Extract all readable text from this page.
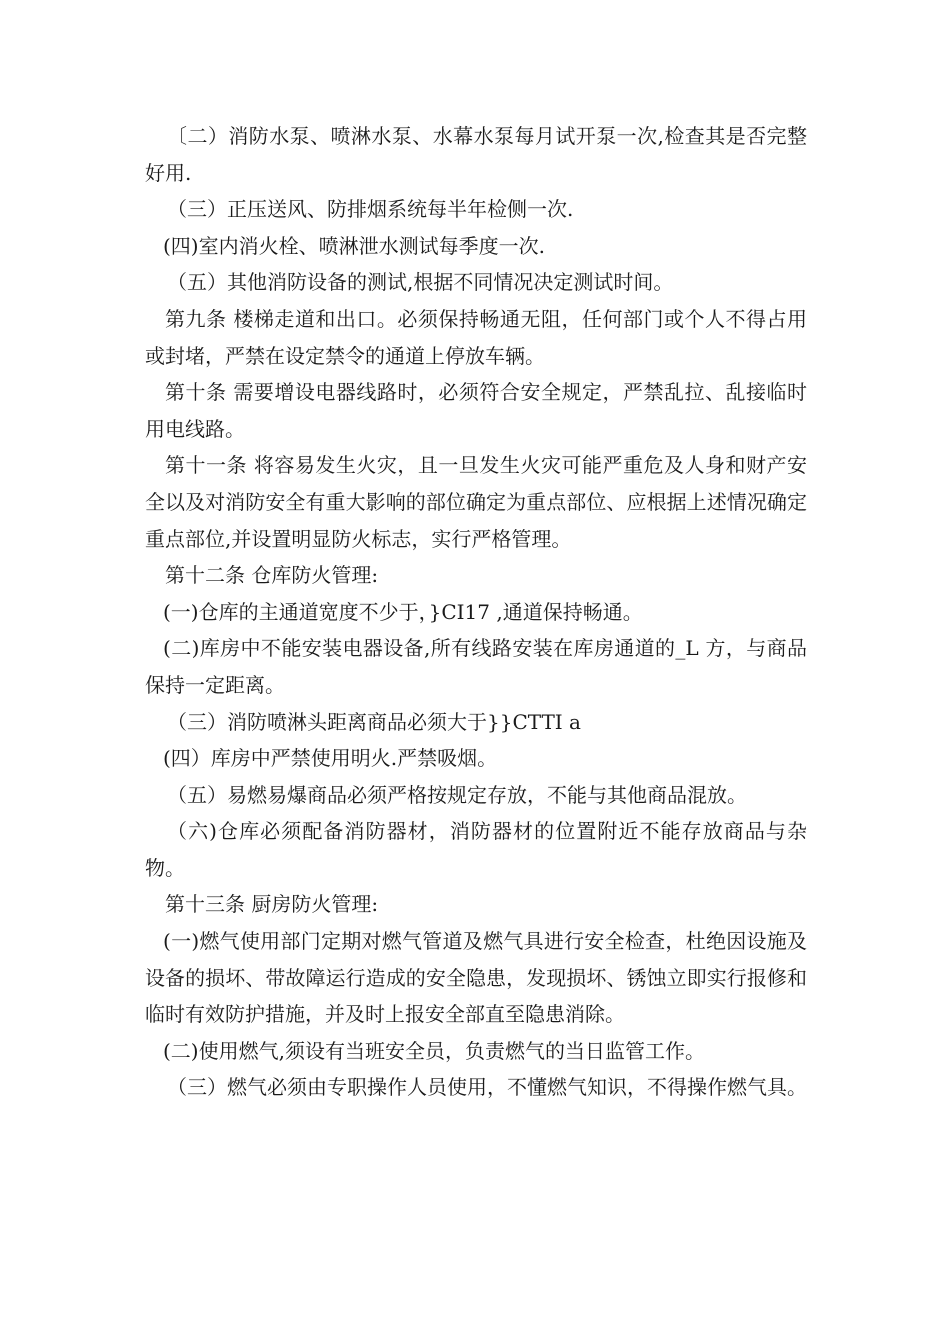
〔二）消防水泵、喷淋水泵、水幕水泵每月试开泵一次,检查其是否完整好用.

（三）正压送风、防排烟系统每半年检侧一次.

(四)室内消火栓、喷淋泄水测试每季度一次.

（五）其他消防设备的测试,根据不同情况决定测试时间。

第九条 楼梯走道和出口。必须保持畅通无阻，任何部门或个人不得占用或封堵，严禁在设定禁令的通道上停放车辆。

第十条 需要增设电器线路时，必须符合安全规定，严禁乱拉、乱接临时用电线路。

第十一条 将容易发生火灾，且一旦发生火灾可能严重危及人身和财产安全以及对消防安全有重大影响的部位确定为重点部位、应根据上述情况确定重点部位,并设置明显防火标志，实行严格管理。

第十二条 仓库防火管理:

(一)仓库的主通道宽度不少于，}CI17 ,通道保持畅通。

(二)库房中不能安装电器设备,所有线路安装在库房通道的_L 方，与商品保持一定距离。

（三）消防喷淋头距离商品必须大于}}CTTI a

(四）库房中严禁使用明火.严禁吸烟。

（五）易燃易爆商品必须严格按规定存放，不能与其他商品混放。

（六)仓库必须配备消防器材，消防器材的位置附近不能存放商品与杂物。

第十三条 厨房防火管理:

(一)燃气使用部门定期对燃气管道及燃气具进行安全检查，杜绝因设施及设备的损坏、带故障运行造成的安全隐患，发现损坏、锈蚀立即实行报修和临时有效防护措施，并及时上报安全部直至隐患消除。

(二)使用燃气,须设有当班安全员，负责燃气的当日监管工作。

（三）燃气必须由专职操作人员使用，不懂燃气知识，不得操作燃气具。
